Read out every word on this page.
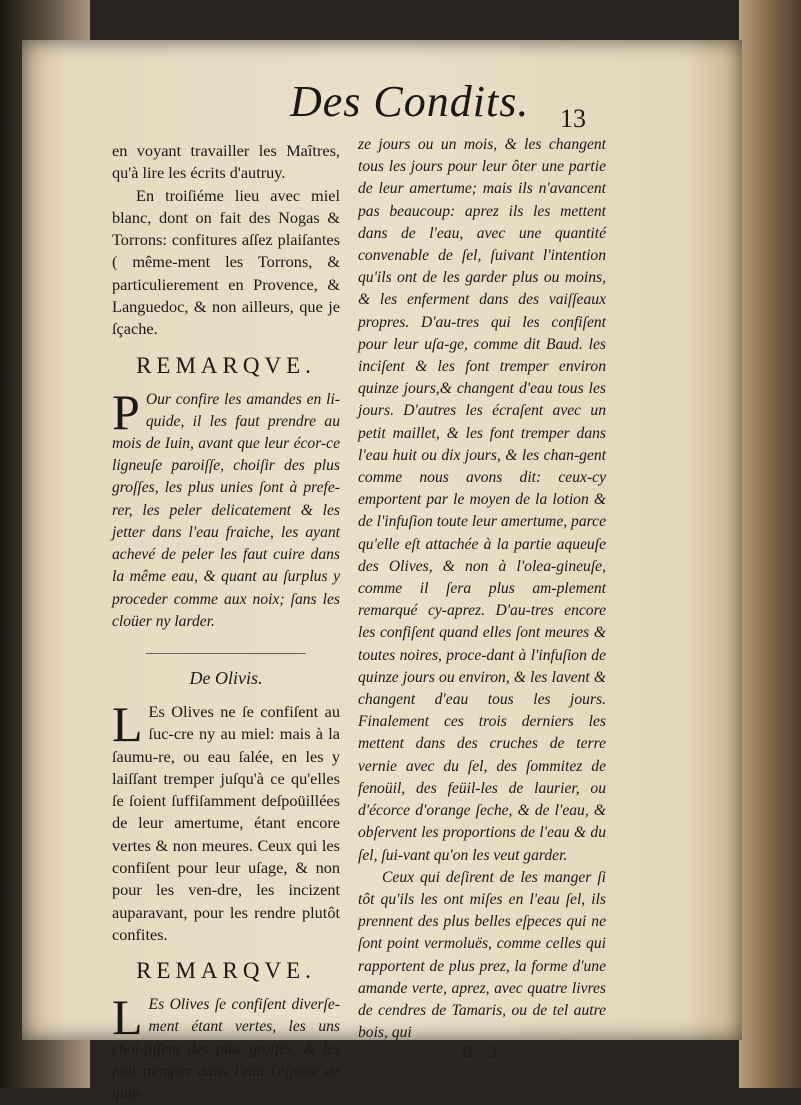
Des Condits. 13

en voyant travailler les Maîtres, qu'à lire les écrits d'autruy.

En troiſiéme lieu avec miel blanc, dont on fait des Nogas & Torrons: confitures aſſez plaiſantes ( même-ment les Torrons, & particulierement en Provence, & Languedoc, & non ailleurs, que je ſçache.

REMARQVE.

P Our confire les amandes en li-quide, il les faut prendre au mois de Iuin, avant que leur écor-ce ligneuſe paroiſſe, choiſir des plus groſſes, les plus unies ſont à prefe-rer, les peler delicatement & les jetter dans l'eau fraiche, les ayant achevé de peler les faut cuire dans la même eau, & quant au ſurplus y proceder comme aux noix; ſans les cloüer ny larder.

De Olivis.

L Es Olives ne ſe confiſent au ſuc-cre ny au miel: mais à la ſaumu-re, ou eau ſalée, en les y laiſſant tremper juſqu'à ce qu'elles ſe ſoient ſuffiſamment deſpoüillées de leur amertume, étant encore vertes & non meures. Ceux qui les confiſent pour leur uſage, & non pour les ven-dre, les incizent auparavant, pour les rendre plutôt confites.

REMARQVE.

L Es Olives ſe confiſent diverſe-ment étant vertes, les uns choi-ſiſſent des plus groſſes, & les font tremper dans l'eau l'eſpace de quin-

ze jours ou un mois, & les changent tous les jours pour leur ôter une partie de leur amertume; mais ils n'avancent pas beaucoup: aprez ils les mettent dans de l'eau, avec une quantité convenable de ſel, ſuivant l'intention qu'ils ont de les garder plus ou moins, & les enferment dans des vaiſſeaux propres. D'au-tres qui les confiſent pour leur uſa-ge, comme dit Baud. les inciſent & les font tremper environ quinze jours,& changent d'eau tous les jours. D'autres les écraſent avec un petit maillet, & les font tremper dans l'eau huit ou dix jours, & les chan-gent comme nous avons dit: ceux-cy emportent par le moyen de la lotion & de l'infuſion toute leur amertume, parce qu'elle eſt attachée à la partie aqueuſe des Olives, & non à l'olea-gineuſe, comme il ſera plus am-plement remarqué cy-aprez. D'au-tres encore les confiſent quand elles ſont meures & toutes noires, proce-dant à l'infuſion de quinze jours ou environ, & les lavent & changent d'eau tous les jours. Finalement ces trois derniers les mettent dans des cruches de terre vernie avec du ſel, des ſommitez de fenoüil, des feüil-les de laurier, ou d'écorce d'orange ſeche, & de l'eau, & obſervent les proportions de l'eau & du ſel, ſui-vant qu'on les veut garder.

Ceux qui deſirent de les manger ſi tôt qu'ils les ont miſes en l'eau ſel, ils prennent des plus belles eſpeces qui ne ſont point vermoluës, comme celles qui rapportent de plus prez, la forme d'une amande verte, aprez, avec quatre livres de cendres de Tamaris, ou de tel autre bois, qui

B 3
